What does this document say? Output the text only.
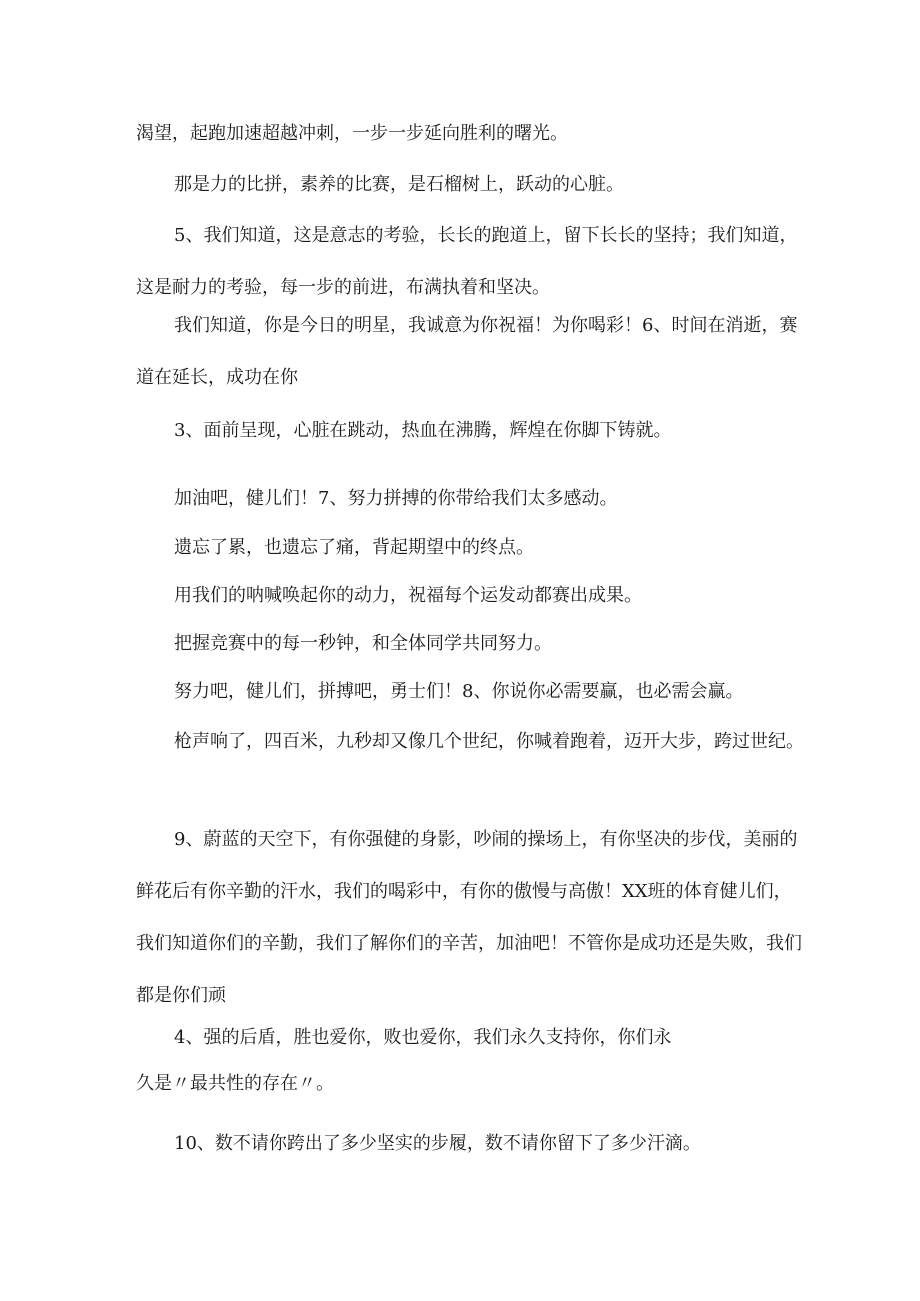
渴望，起跑加速超越冲刺，一步一步延向胜利的曙光。

那是力的比拼，素养的比赛，是石榴树上，跃动的心脏。

5、我们知道，这是意志的考验，长长的跑道上，留下长长的坚持；我们知道，这是耐力的考验，每一步的前进，布满执着和坚决。

我们知道，你是今日的明星，我诚意为你祝福！为你喝彩！6、时间在消逝，赛道在延长，成功在你

3、面前呈现，心脏在跳动，热血在沸腾，辉煌在你脚下铸就。

加油吧，健儿们！7、努力拼搏的你带给我们太多感动。

遗忘了累，也遗忘了痛，背起期望中的终点。

用我们的呐喊唤起你的动力，祝福每个运发动都赛出成果。

把握竞赛中的每一秒钟，和全体同学共同努力。

努力吧，健儿们，拼搏吧，勇士们！8、你说你必需要赢，也必需会赢。

枪声响了，四百米，九秒却又像几个世纪，你喊着跑着，迈开大步，跨过世纪。

9、蔚蓝的天空下，有你强健的身影，吵闹的操场上，有你坚决的步伐，美丽的鲜花后有你辛勤的汗水，我们的喝彩中，有你的傲慢与高傲！XX班的体育健儿们，我们知道你们的辛勤，我们了解你们的辛苦，加油吧！不管你是成功还是失败，我们都是你们顽

4、强的后盾，胜也爱你，败也爱你，我们永久支持你，你们永

久是〃最共性的存在〃。

10、数不请你跨出了多少坚实的步履，数不请你留下了多少汗滴。
